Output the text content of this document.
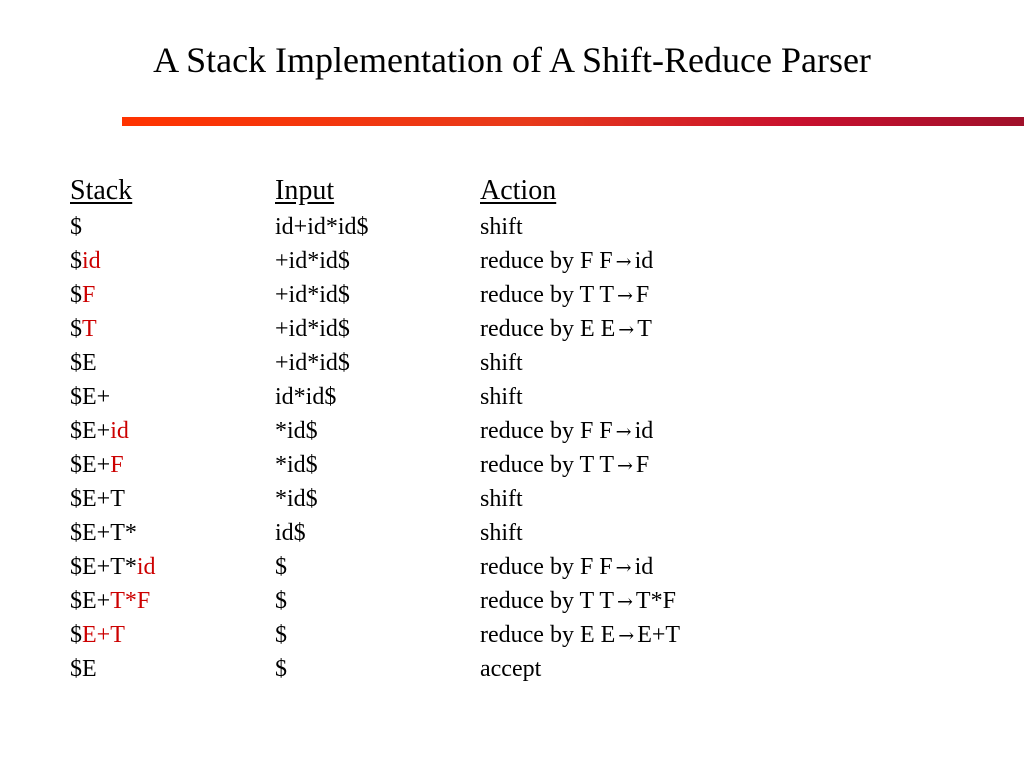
A Stack Implementation of A Shift-Reduce Parser
Stack	Input	Action
$	id+id*id$	shift
$id	+id*id$	reduce by F F → id
$F	+id*id$	reduce by T T → F
$T	+id*id$	reduce by E E → T
$E	+id*id$	shift
$E+	id*id$	shift
$E+id	*id$	reduce by F F → id
$E+F	*id$	reduce by T T → F
$E+T	*id$	shift
$E+T*	id$	shift
$E+T*id	$	reduce by F F → id
$E+T*F	$	reduce by T T → T*F
$E+T	$	reduce by E E → E+T
$E	$	accept
